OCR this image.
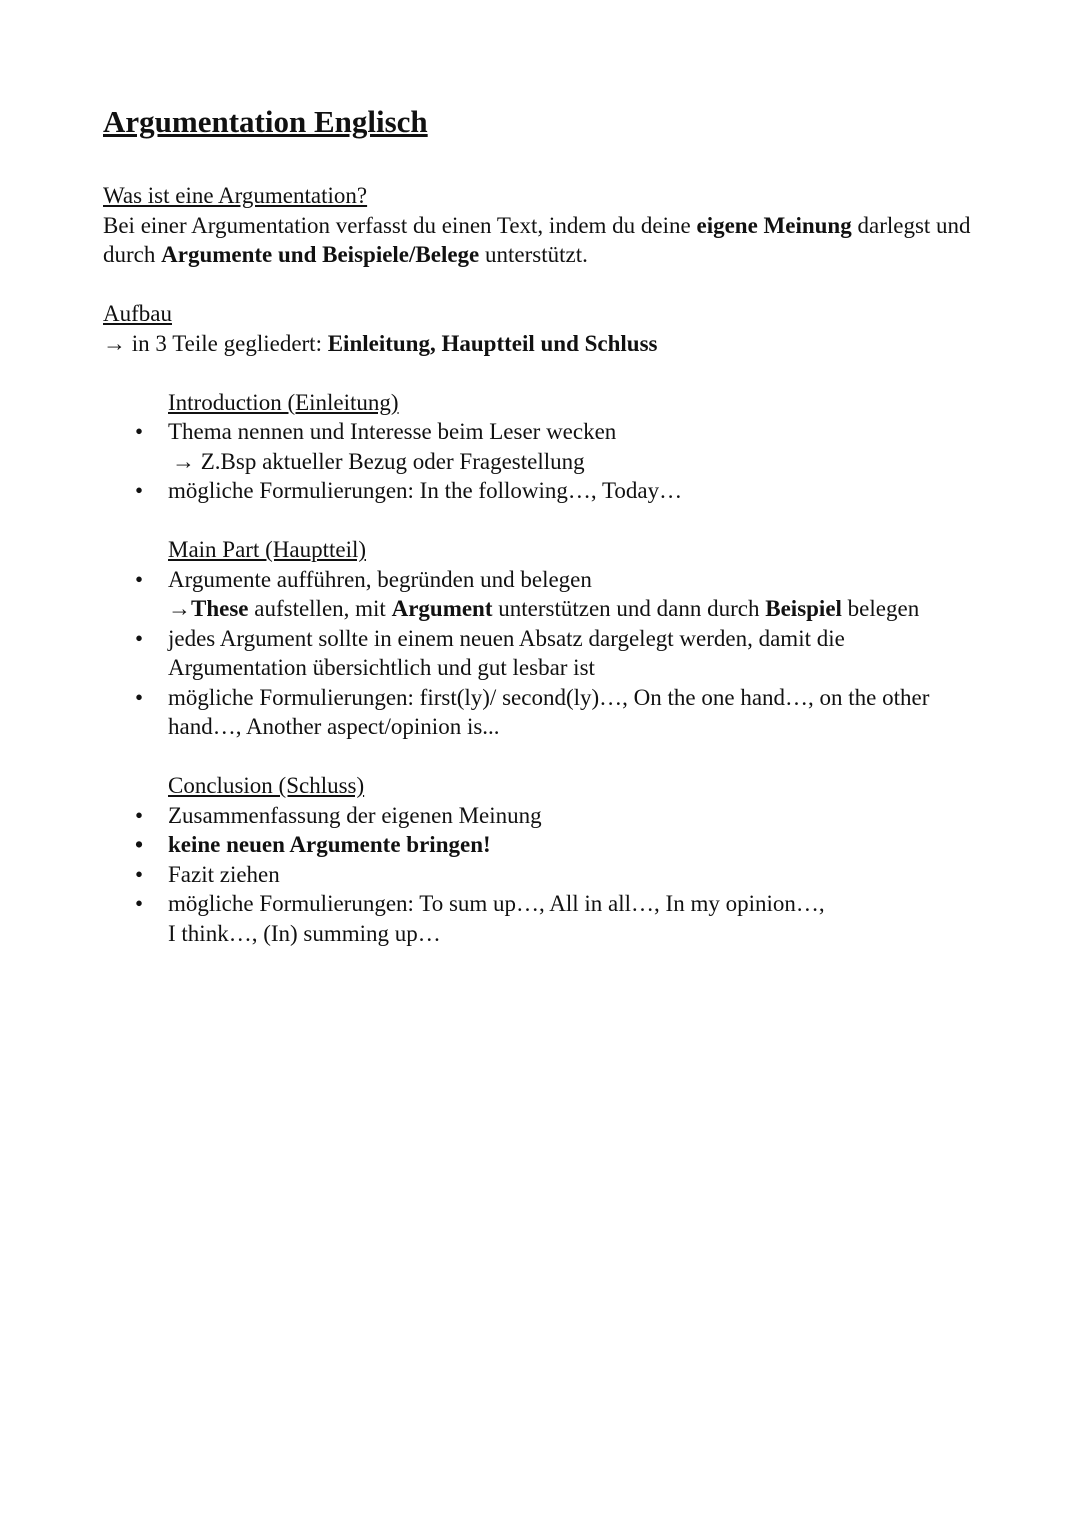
Argumentation Englisch

Was ist eine Argumentation?

Bei einer Argumentation verfasst du einen Text, indem du deine eigene Meinung darlegst und durch Argumente und Beispiele/Belege unterstützt.

Aufbau

→ in 3 Teile gegliedert: Einleitung, Hauptteil und Schluss

Introduction (Einleitung)

• Thema nennen und Interesse beim Leser wecken
→ Z.Bsp aktueller Bezug oder Fragestellung
• mögliche Formulierungen: In the following…, Today…

Main Part (Hauptteil)

• Argumente aufführen, begründen und belegen
→These aufstellen, mit Argument unterstützen und dann durch Beispiel belegen
• jedes Argument sollte in einem neuen Absatz dargelegt werden, damit die Argumentation übersichtlich und gut lesbar ist
• mögliche Formulierungen: first(ly)/ second(ly)…, On the one hand…, on the other hand…, Another aspect/opinion is...

Conclusion (Schluss)

• Zusammenfassung der eigenen Meinung
• keine neuen Argumente bringen!
• Fazit ziehen
• mögliche Formulierungen: To sum up…, All in all…, In my opinion…,
I think…, (In) summing up…
